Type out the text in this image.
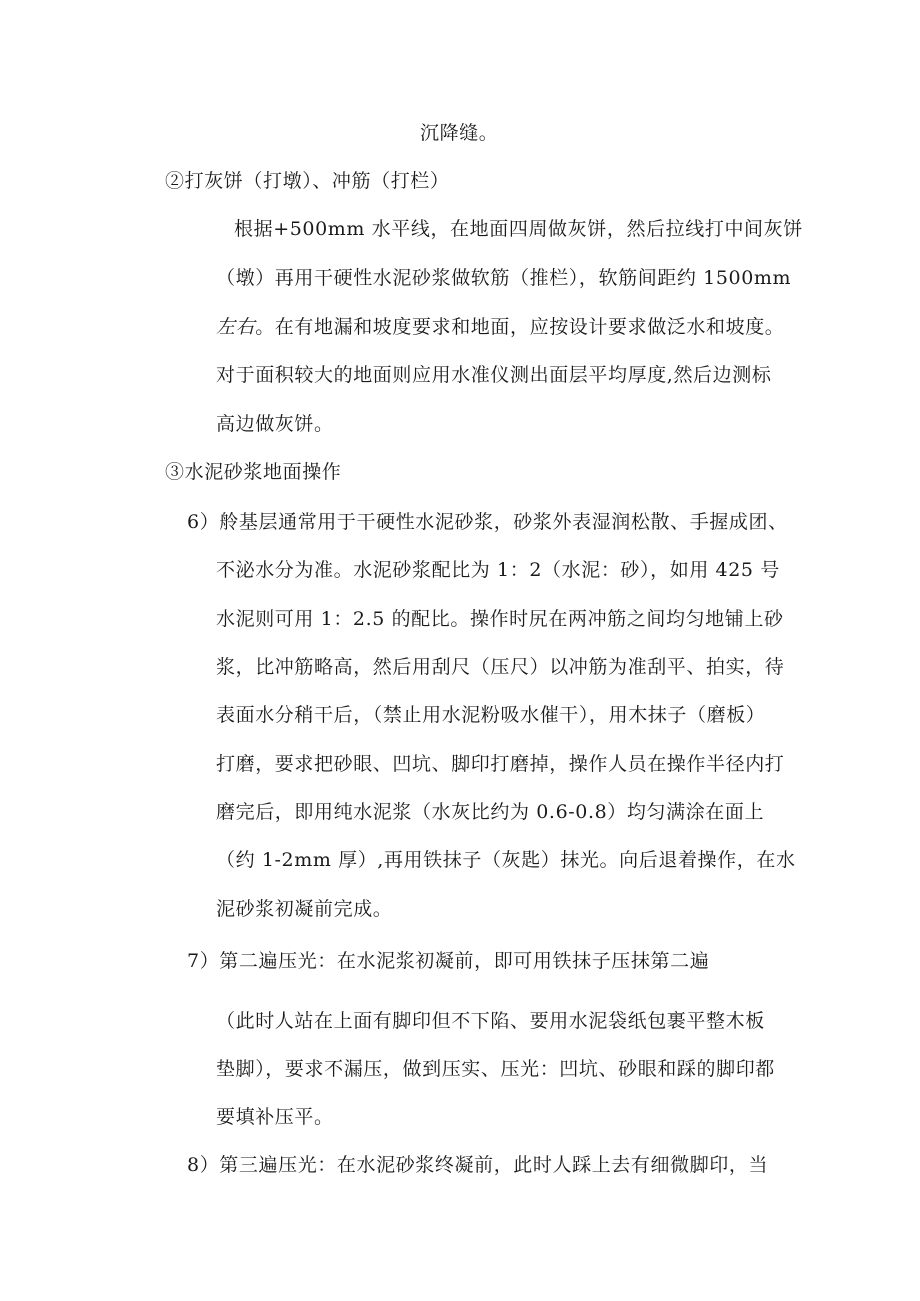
沉降缝。
②打灰饼（打墩）、冲筋（打栏）
根据+500mm 水平线，在地面四周做灰饼，然后拉线打中间灰饼
（墩）再用干硬性水泥砂浆做软筋（推栏），软筋间距约 1500mm
左右。在有地漏和坡度要求和地面，应按设计要求做泛水和坡度。
对于面积较大的地面则应用水准仪测出面层平均厚度,然后边测标
高边做灰饼。
③水泥砂浆地面操作
6）舲基层通常用于干硬性水泥砂浆，砂浆外表湿润松散、手握成团、
不泌水分为准。水泥砂浆配比为 1：2（水泥：砂），如用 425 号
水泥则可用 1：2.5 的配比。操作时尻在两冲筋之间均匀地铺上砂
浆，比冲筋略高，然后用刮尺（压尺）以冲筋为准刮平、拍实，待
表面水分稍干后，（禁止用水泥粉吸水催干），用木抹子（磨板）
打磨，要求把砂眼、凹坑、脚印打磨掉，操作人员在操作半径内打
磨完后，即用纯水泥浆（水灰比约为 0.6-0.8）均匀满涂在面上
（约 1-2mm 厚）,再用铁抹子（灰匙）抹光。向后退着操作，在水
泥砂浆初凝前完成。
7）第二遍压光：在水泥浆初凝前，即可用铁抹子压抹第二遍
（此时人站在上面有脚印但不下陷、要用水泥袋纸包裹平整木板
垫脚），要求不漏压，做到压实、压光：凹坑、砂眼和踩的脚印都
要填补压平。
8）第三遍压光：在水泥砂浆终凝前，此时人踩上去有细微脚印，当
